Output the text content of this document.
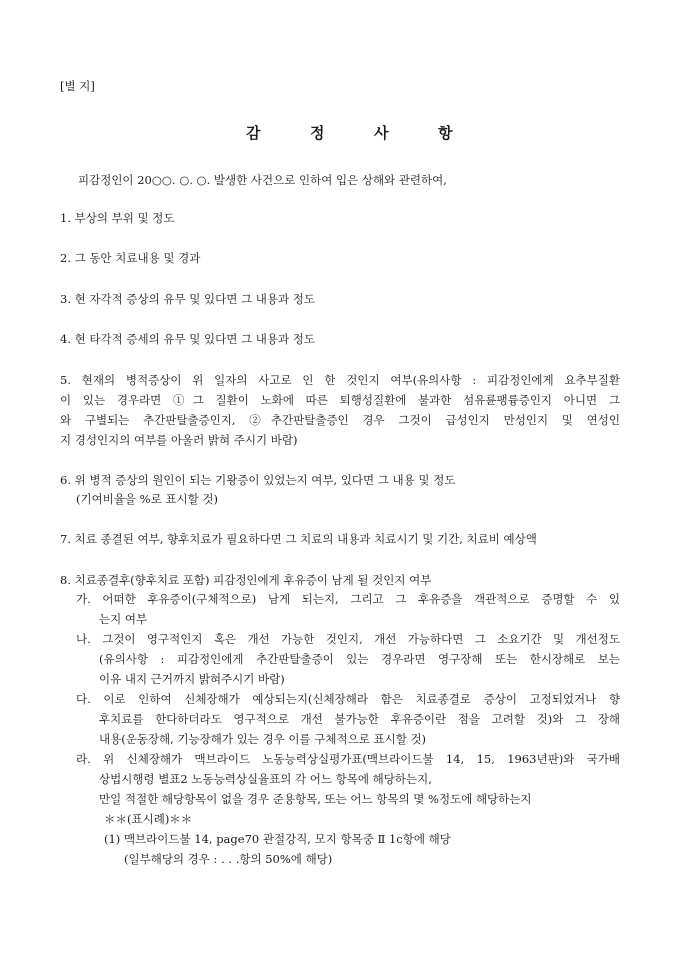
[별 지]
감	정	사	항
피감정인이 20○○. ○. ○. 발생한 사건으로 인하여 입은 상해와 관련하여,
1. 부상의 부위 및 정도
2. 그 동안 치료내용 및 경과
3. 현 자각적 증상의 유무 및 있다면 그 내용과 정도
4. 현 타각적 증세의 유무 및 있다면 그 내용과 정도
5. 현재의 병적증상이 위 일자의 사고로 인 한 것인지 여부(유의사항 : 피감정인에게 요추부질환
이 있는 경우라면 ①그 질환이 노화에 따른 퇴행성질환에 불과한 섬유륜팽륭증인지 아니면 그
와 구별되는 추간판탈출증인지, ②추간판탈출증인 경우 그것이 급성인지 만성인지 및 연성인
지 경성인지의 여부를 아울러 밝혀 주시기 바람)
6. 위 병적 증상의 원인이 되는 기왕증이 있었는지 여부, 있다면 그 내용 및 정도
(기여비율을 %로 표시할 것)
7. 치료 종결된 여부, 향후치료가 필요하다면 그 치료의 내용과 치료시기 및 기간, 치료비 예상액
8. 치료종결후(향후치료 포함) 피감정인에게 후유증이 남게 될 것인지 여부
가. 어떠한 후유증이(구체적으로) 남게 되는지, 그리고 그 후유증을 객관적으로 증명할 수 있
는지 여부
나. 그것이 영구적인지 혹은 개선 가능한 것인지, 개선 가능하다면 그 소요기간 및 개선정도
(유의사항 : 피감정인에게 추간판탈출증이 있는 경우라면 영구장해 또는 한시장해로 보는
이유 내지 근거까지 밝혀주시기 바람)
다. 이로 인하여 신체장해가 예상되는지(신체장해라 함은 치료종결로 증상이 고정되었거나 향
후치료를 한다하더라도 영구적으로 개선 불가능한 후유증이란 점을 고려할 것)와 그 장해
내용(운동장해, 기능장해가 있는 경우 이를 구체적으로 표시할 것)
라. 위 신체장해가 맥브라이드 노동능력상실평가표(맥브라이드불 14, 15, 1963년판)와 국가배
상법시행령 별표2 노동능력상실율표의 각 어느 항목에 해당하는지,
만일 적절한 해당항목이 없을 경우 준용항목, 또는 어느 항목의 몇 %정도에 해당하는지
＊＊(표시례)＊＊
(1) 맥브라이드불 14, page70 관절강직, 모지 항목중 Ⅱ 1c항에 해당
(일부해당의 경우 : . . .항의 50%에 해당)
